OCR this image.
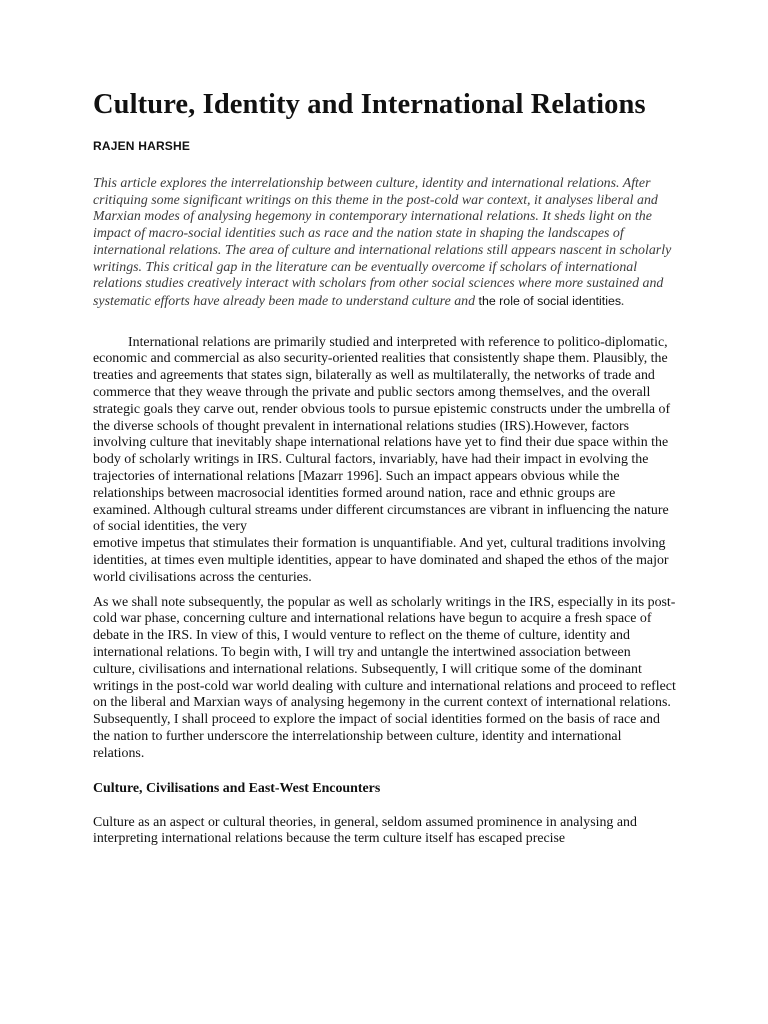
Culture, Identity and International Relations
RAJEN HARSHE

This article explores the interrelationship between culture, identity and international relations. After critiquing some significant writings on this theme in the post-cold war context, it analyses liberal and Marxian modes of analysing hegemony in contemporary international relations. It sheds light on the impact of macro-social identities such as race and the nation state in shaping the landscapes of international relations. The area of culture and international relations still appears nascent in scholarly writings. This critical gap in the literature can be eventually overcome if scholars of international relations studies creatively interact with scholars from other social sciences where more sustained and systematic efforts have already been made to understand culture and the role of social identities.

International relations are primarily studied and interpreted with reference to politico-diplomatic, economic and commercial as also security-oriented realities that consistently shape them. Plausibly, the treaties and agreements that states sign, bilaterally as well as multilaterally, the networks of trade and commerce that they weave through the private and public sectors among themselves, and the overall strategic goals they carve out, render obvious tools to pursue epistemic constructs under the umbrella of the diverse schools of thought prevalent in international relations studies (IRS).However, factors involving culture that inevitably shape international relations have yet to find their due space within the body of scholarly writings in IRS. Cultural factors, invariably, have had their impact in evolving the trajectories of international relations [Mazarr 1996]. Such an impact appears obvious while the relationships between macrosocial identities formed around nation, race and ethnic groups are examined. Although cultural streams under different circumstances are vibrant in influencing the nature of social identities, the very
emotive impetus that stimulates their formation is unquantifiable. And yet, cultural traditions involving identities, at times even multiple identities, appear to have dominated and shaped the ethos of the major world civilisations across the centuries.

As we shall note subsequently, the popular as well as scholarly writings in the IRS, especially in its post-cold war phase, concerning culture and international relations have begun to acquire a fresh space of debate in the IRS. In view of this, I would venture to reflect on the theme of culture, identity and international relations. To begin with, I will try and untangle the intertwined association between culture, civilisations and international relations. Subsequently, I will critique some of the dominant writings in the post-cold war world dealing with culture and international relations and proceed to reflect on the liberal and Marxian ways of analysing hegemony in the current context of international relations. Subsequently, I shall proceed to explore the impact of social identities formed on the basis of race and the nation to further underscore the interrelationship between culture, identity and international relations.

Culture, Civilisations and East-West Encounters

Culture as an aspect or cultural theories, in general, seldom assumed prominence in analysing and interpreting international relations because the term culture itself has escaped precise
